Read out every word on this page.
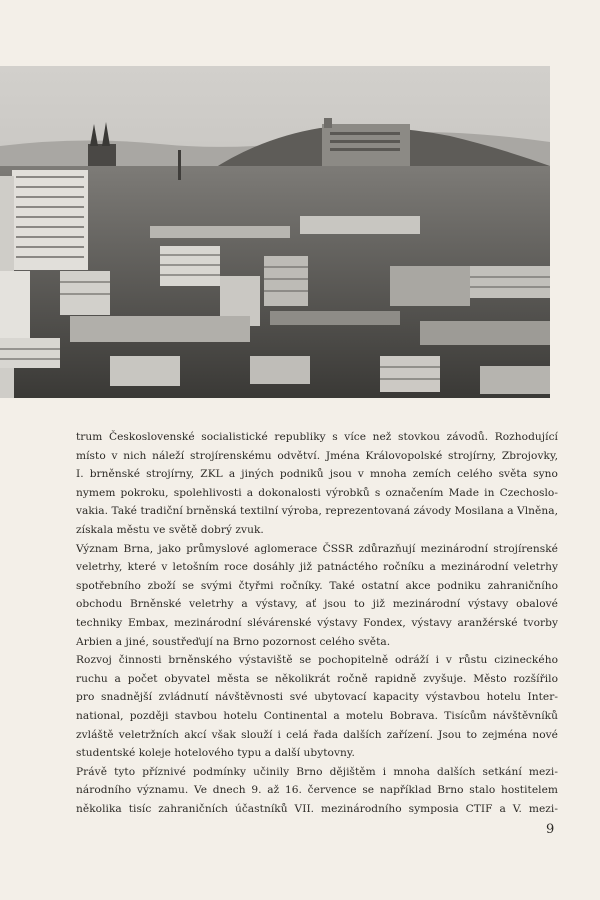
trum Československé socialistické republiky s více než stovkou závodů. Rozhodující
místo v nich náleží strojírenskému odvětví. Jména Královopolské strojírny, Zbrojovky,
I. brněnské strojírny, ZKL a jiných podniků jsou v mnoha zemích celého světa syno
nymem pokroku, spolehlivosti a dokonalosti výrobků s označením Made in Czechoslo-
vakia. Také tradiční brněnská textilní výroba, reprezentovaná závody Mosilana a Vlněna,
získala městu ve světě dobrý zvuk.
Význam Brna, jako průmyslové aglomerace ČSSR zdůrazňují mezinárodní strojírenské
veletrhy, které v letošním roce dosáhly již patnáctého ročníku a mezinárodní veletrhy
spotřebního zboží se svými čtyřmi ročníky. Také ostatní akce podniku zahraničního
obchodu Brněnské veletrhy a výstavy, ať jsou to již mezinárodní výstavy obalové
techniky Embax, mezinárodní slévárenské výstavy Fondex, výstavy aranžérské tvorby
Arbien a jiné, soustřeďují na Brno pozornost celého světa.
Rozvoj činnosti brněnského výstaviště se pochopitelně odráží i v růstu cizineckého
ruchu a počet obyvatel města se několikrát ročně rapidně zvyšuje. Město rozšířilo
pro snadnější zvládnutí návštěvnosti své ubytovací kapacity výstavbou hotelu Inter-
national, později stavbou hotelu Continental a motelu Bobrava. Tisícům návštěvníků
zvláště veletržních akcí však slouží i celá řada dalších zařízení. Jsou to zejména nové
studentské koleje hotelového typu a další ubytovny.
Právě tyto příznivé podmínky učinily Brno dějištěm i mnoha dalších setkání mezi-
národního významu. Ve dnech 9. až 16. července se například Brno stalo hostitelem
několika tisíc zahraničních účastníků VII. mezinárodního symposia CTIF a V. mezi-
9
